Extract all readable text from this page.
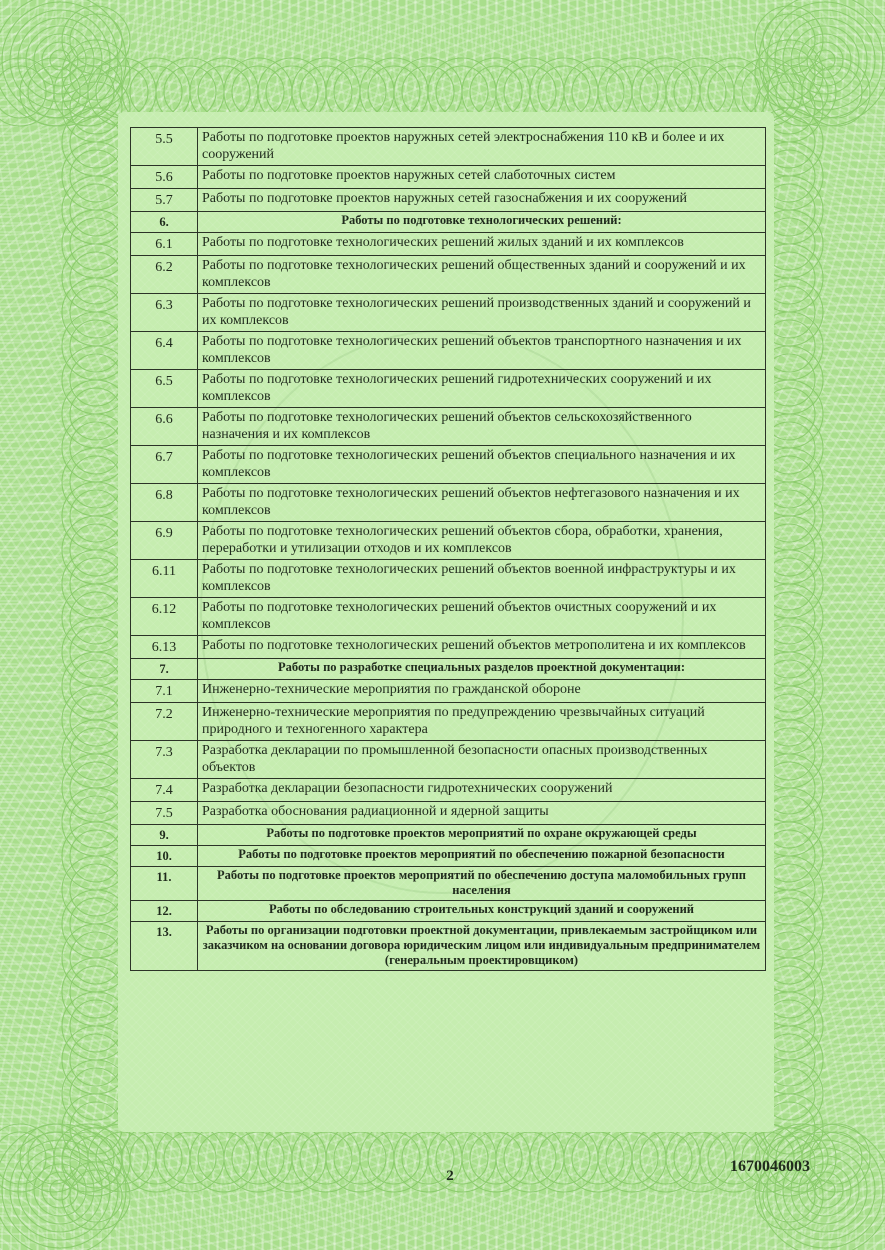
5.5	Работы по подготовке проектов наружных сетей электроснабжения 110 кВ и более и их сооружений
5.6	Работы по подготовке проектов наружных сетей слаботочных систем
5.7	Работы по подготовке проектов наружных сетей газоснабжения и их сооружений
6.	Работы по подготовке технологических решений:
6.1	Работы по подготовке технологических решений жилых зданий и их комплексов
6.2	Работы по подготовке технологических решений общественных зданий и сооружений и их комплексов
6.3	Работы по подготовке технологических решений производственных зданий и сооружений и их комплексов
6.4	Работы по подготовке технологических решений объектов транспортного назначения и их комплексов
6.5	Работы по подготовке технологических решений гидротехнических сооружений и их комплексов
6.6	Работы по подготовке технологических решений объектов сельскохозяйственного назначения и их комплексов
6.7	Работы по подготовке технологических решений объектов специального назначения и их комплексов
6.8	Работы по подготовке технологических решений объектов нефтегазового назначения и их комплексов
6.9	Работы по подготовке технологических решений объектов сбора, обработки, хранения, переработки и утилизации отходов и их комплексов
6.11	Работы по подготовке технологических решений объектов военной инфраструктуры и их комплексов
6.12	Работы по подготовке технологических решений объектов очистных сооружений и их комплексов
6.13	Работы по подготовке технологических решений объектов метрополитена и их комплексов
7.	Работы по разработке специальных разделов проектной документации:
7.1	Инженерно-технические мероприятия по гражданской обороне
7.2	Инженерно-технические мероприятия по предупреждению чрезвычайных ситуаций природного и техногенного характера
7.3	Разработка декларации по промышленной безопасности опасных производственных объектов
7.4	Разработка декларации безопасности гидротехнических сооружений
7.5	Разработка обоснования радиационной и ядерной защиты
9.	Работы по подготовке проектов мероприятий по охране окружающей среды
10.	Работы по подготовке проектов мероприятий по обеспечению пожарной безопасности
11.	Работы по подготовке проектов мероприятий по обеспечению доступа маломобильных групп населения
12.	Работы по обследованию строительных конструкций зданий и сооружений
13.	Работы по организации подготовки проектной документации, привлекаемым застройщиком или заказчиком на основании договора юридическим лицом или индивидуальным предпринимателем (генеральным проектировщиком)
2
1670046003
